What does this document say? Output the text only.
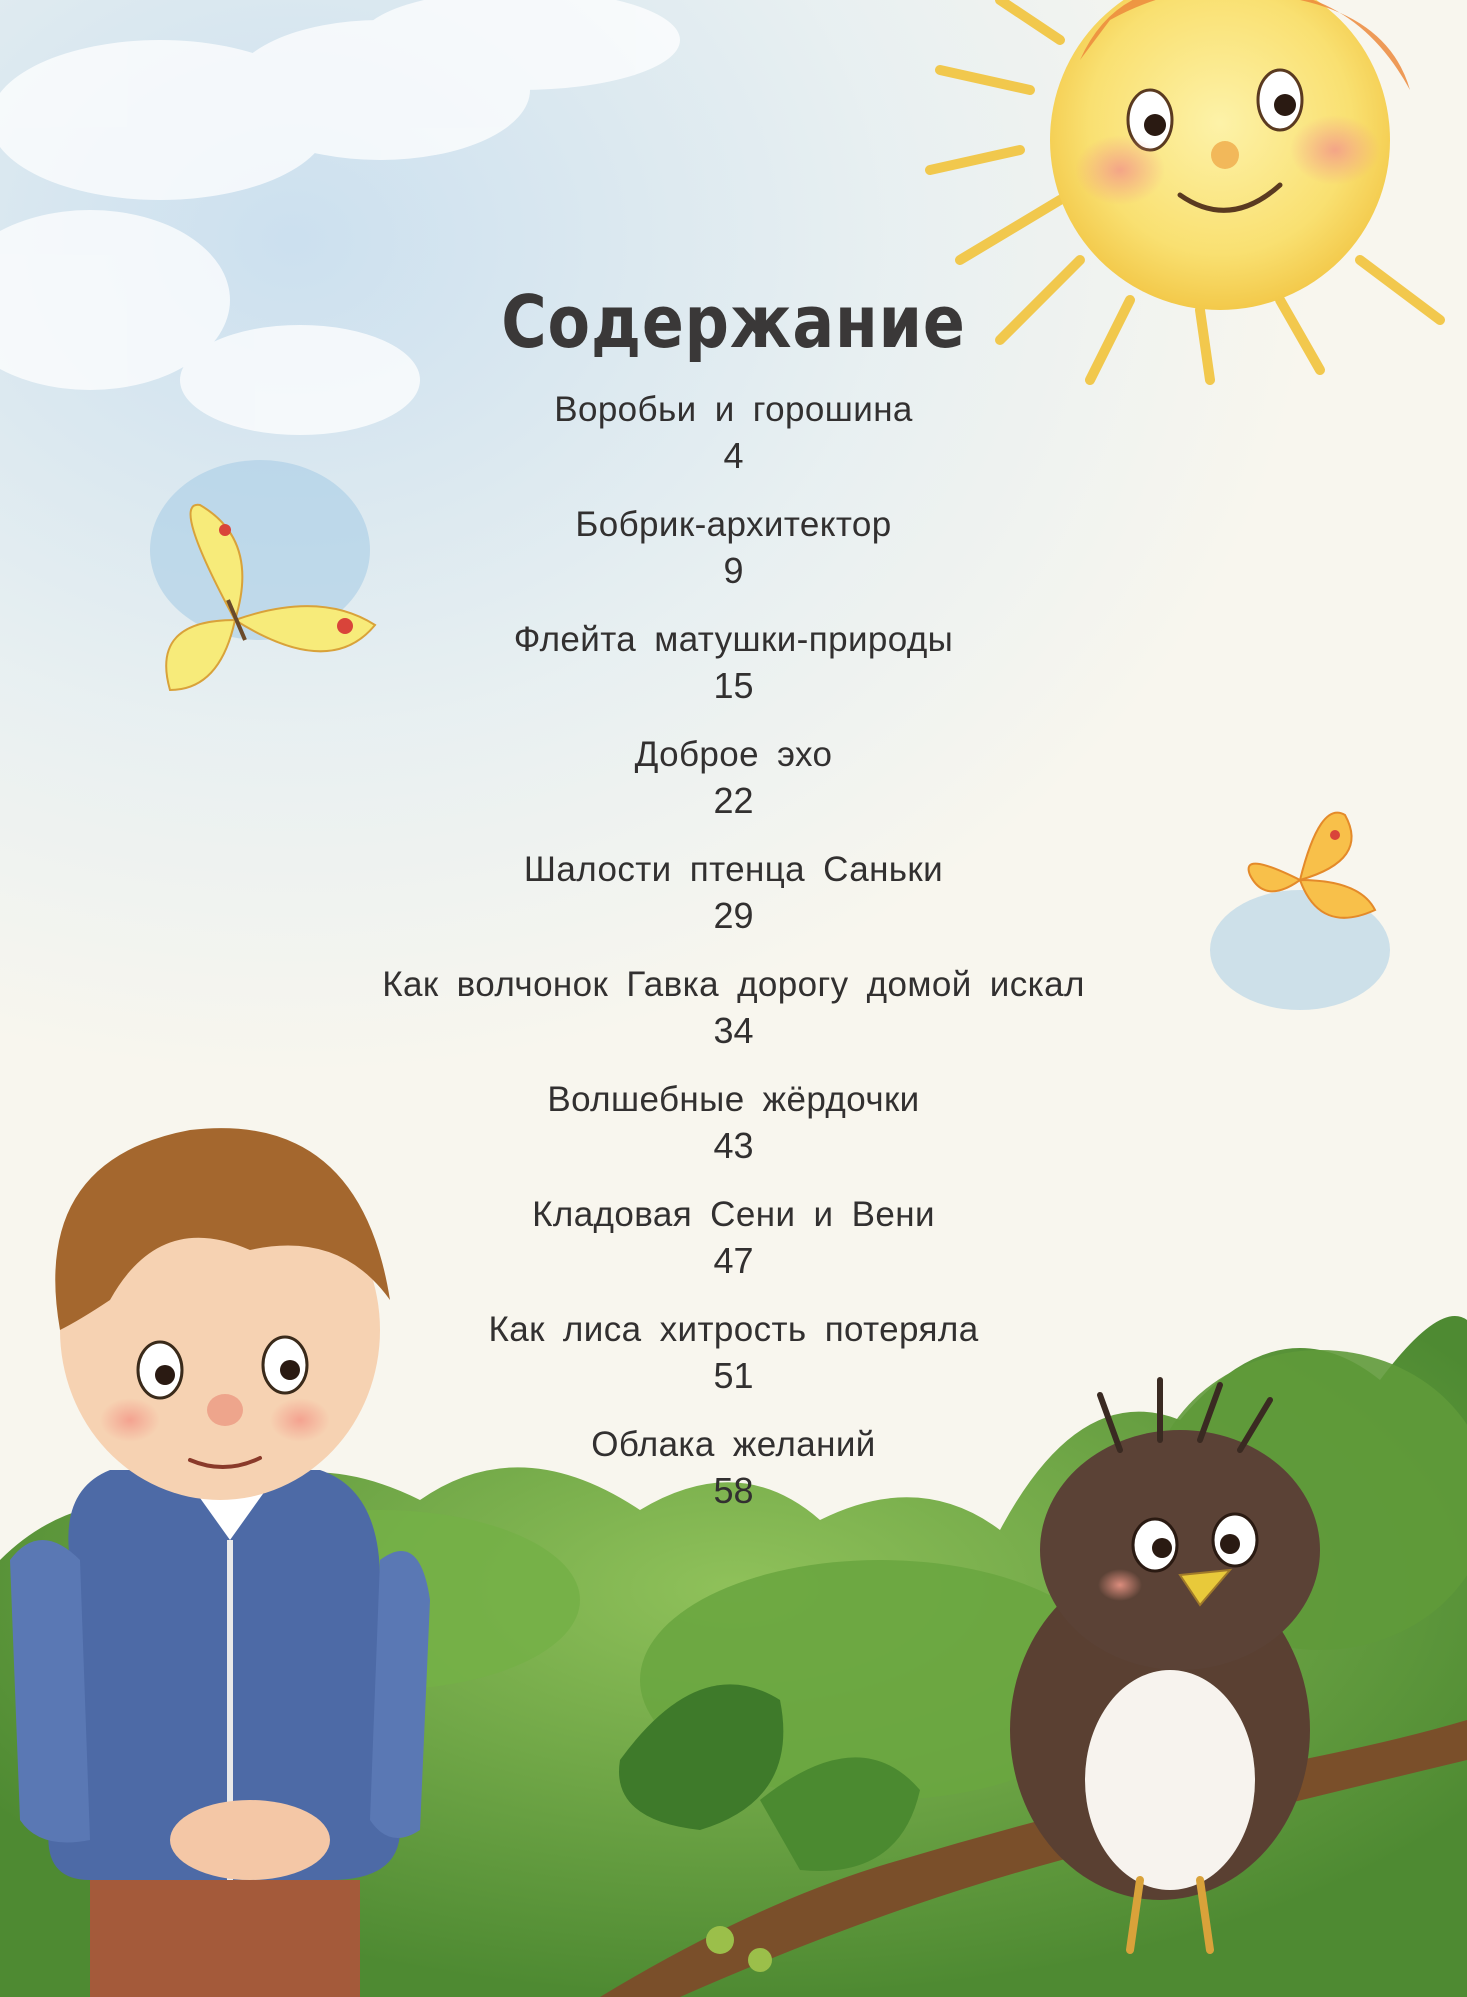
Содержание
Воробьи и горошина
4
Бобрик-архитектор
9
Флейта матушки-природы
15
Доброе эхо
22
Шалости птенца Саньки
29
Как волчонок Гавка дорогу домой искал
34
Волшебные жёрдочки
43
Кладовая Сени и Вени
47
Как лиса хитрость потеряла
51
Облака желаний
58
